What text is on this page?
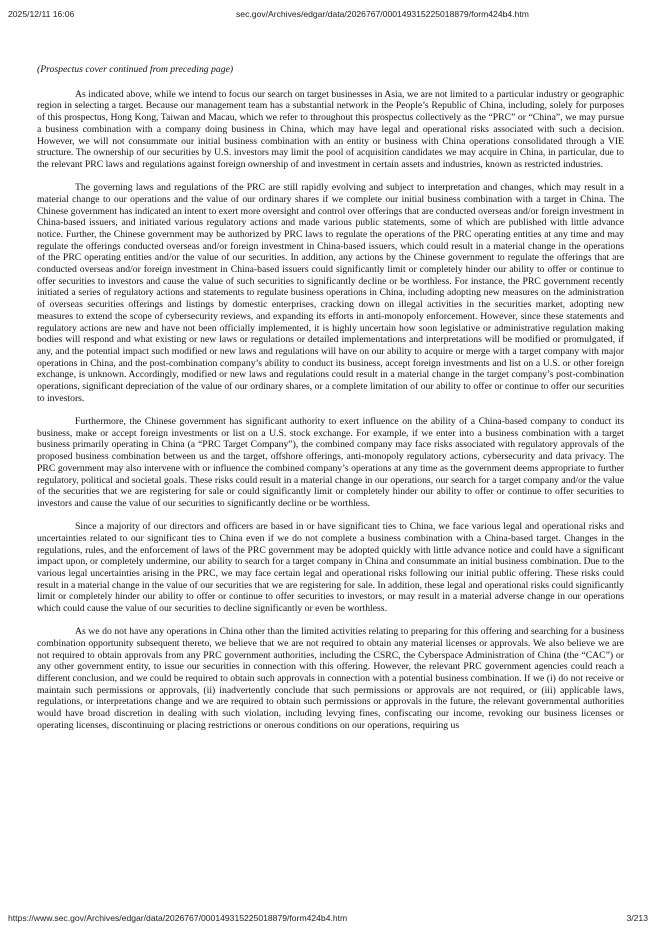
2025/12/11 16:06	sec.gov/Archives/edgar/data/2026767/000149315225018879/form424b4.htm

(Prospectus cover continued from preceding page)

As indicated above, while we intend to focus our search on target businesses in Asia, we are not limited to a particular industry or geographic region in selecting a target. Because our management team has a substantial network in the People’s Republic of China, including, solely for purposes of this prospectus, Hong Kong, Taiwan and Macau, which we refer to throughout this prospectus collectively as the “PRC” or “China”, we may pursue a business combination with a company doing business in China, which may have legal and operational risks associated with such a decision. However, we will not consummate our initial business combination with an entity or business with China operations consolidated through a VIE structure. The ownership of our securities by U.S. investors may limit the pool of acquisition candidates we may acquire in China, in particular, due to the relevant PRC laws and regulations against foreign ownership of and investment in certain assets and industries, known as restricted industries.

The governing laws and regulations of the PRC are still rapidly evolving and subject to interpretation and changes, which may result in a material change to our operations and the value of our ordinary shares if we complete our initial business combination with a target in China. The Chinese government has indicated an intent to exert more oversight and control over offerings that are conducted overseas and/or foreign investment in China-based issuers, and initiated various regulatory actions and made various public statements, some of which are published with little advance notice. Further, the Chinese government may be authorized by PRC laws to regulate the operations of the PRC operating entities at any time and may regulate the offerings conducted overseas and/or foreign investment in China-based issuers, which could result in a material change in the operations of the PRC operating entities and/or the value of our securities. In addition, any actions by the Chinese government to regulate the offerings that are conducted overseas and/or foreign investment in China-based issuers could significantly limit or completely hinder our ability to offer or continue to offer securities to investors and cause the value of such securities to significantly decline or be worthless. For instance, the PRC government recently initiated a series of regulatory actions and statements to regulate business operations in China, including adopting new measures on the administration of overseas securities offerings and listings by domestic enterprises, cracking down on illegal activities in the securities market, adopting new measures to extend the scope of cybersecurity reviews, and expanding its efforts in anti-monopoly enforcement. However, since these statements and regulatory actions are new and have not been officially implemented, it is highly uncertain how soon legislative or administrative regulation making bodies will respond and what existing or new laws or regulations or detailed implementations and interpretations will be modified or promulgated, if any, and the potential impact such modified or new laws and regulations will have on our ability to acquire or merge with a target company with major operations in China, and the post-combination company’s ability to conduct its business, accept foreign investments and list on a U.S. or other foreign exchange, is unknown. Accordingly, modified or new laws and regulations could result in a material change in the target company’s post-combination operations, significant depreciation of the value of our ordinary shares, or a complete limitation of our ability to offer or continue to offer our securities to investors.

Furthermore, the Chinese government has significant authority to exert influence on the ability of a China-based company to conduct its business, make or accept foreign investments or list on a U.S. stock exchange. For example, if we enter into a business combination with a target business primarily operating in China (a “PRC Target Company”), the combined company may face risks associated with regulatory approvals of the proposed business combination between us and the target, offshore offerings, anti-monopoly regulatory actions, cybersecurity and data privacy. The PRC government may also intervene with or influence the combined company’s operations at any time as the government deems appropriate to further regulatory, political and societal goals. These risks could result in a material change in our operations, our search for a target company and/or the value of the securities that we are registering for sale or could significantly limit or completely hinder our ability to offer or continue to offer securities to investors and cause the value of our securities to significantly decline or be worthless.

Since a majority of our directors and officers are based in or have significant ties to China, we face various legal and operational risks and uncertainties related to our significant ties to China even if we do not complete a business combination with a China-based target. Changes in the regulations, rules, and the enforcement of laws of the PRC government may be adopted quickly with little advance notice and could have a significant impact upon, or completely undermine, our ability to search for a target company in China and consummate an initial business combination. Due to the various legal uncertainties arising in the PRC, we may face certain legal and operational risks following our initial public offering. These risks could result in a material change in the value of our securities that we are registering for sale. In addition, these legal and operational risks could significantly limit or completely hinder our ability to offer or continue to offer securities to investors, or may result in a material adverse change in our operations which could cause the value of our securities to decline significantly or even be worthless.

As we do not have any operations in China other than the limited activities relating to preparing for this offering and searching for a business combination opportunity subsequent thereto, we believe that we are not required to obtain any material licenses or approvals. We also believe we are not required to obtain approvals from any PRC government authorities, including the CSRC, the Cyberspace Administration of China (the “CAC”) or any other government entity, to issue our securities in connection with this offering. However, the relevant PRC government agencies could reach a different conclusion, and we could be required to obtain such approvals in connection with a potential business combination. If we (i) do not receive or maintain such permissions or approvals, (ii) inadvertently conclude that such permissions or approvals are not required, or (iii) applicable laws, regulations, or interpretations change and we are required to obtain such permissions or approvals in the future, the relevant governmental authorities would have broad discretion in dealing with such violation, including levying fines, confiscating our income, revoking our business licenses or operating licenses, discontinuing or placing restrictions or onerous conditions on our operations, requiring us

https://www.sec.gov/Archives/edgar/data/2026767/000149315225018879/form424b4.htm	3/213
